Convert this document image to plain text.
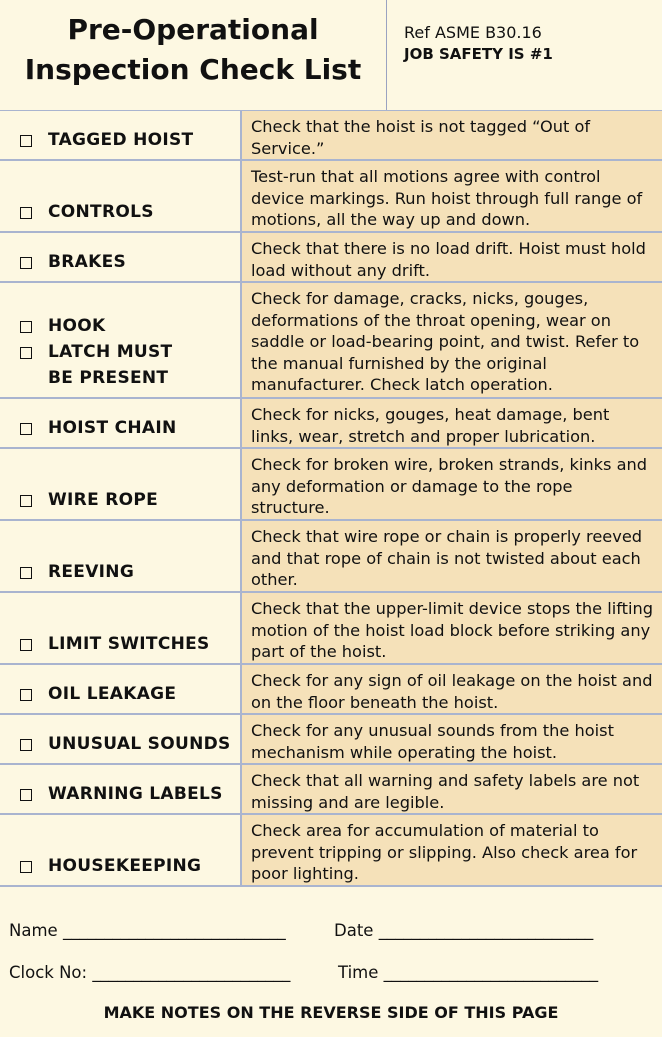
Pre-Operational
Inspection Check List
Ref ASME B30.16
JOB SAFETY IS #1
TAGGED HOIST
Check that the hoist is not tagged “Out of Service.”
CONTROLS
Test-run that all motions agree with control device markings. Run hoist through full range of motions, all the way up and down.
BRAKES
Check that there is no load drift. Hoist must hold load without any drift.
HOOK
LATCH MUST
BE PRESENT
Check for damage, cracks, nicks, gouges, deformations of the throat opening, wear on saddle or load-bearing point, and twist. Refer to the manual furnished by the original manufacturer. Check latch operation.
HOIST CHAIN
Check for nicks, gouges, heat damage, bent links, wear, stretch and proper lubrication.
WIRE ROPE
Check for broken wire, broken strands, kinks and any deformation or damage to the rope structure.
REEVING
Check that wire rope or chain is properly reeved and that rope of chain is not twisted about each other.
LIMIT SWITCHES
Check that the upper-limit device stops the lifting motion of the hoist load block before striking any part of the hoist.
OIL LEAKAGE
Check for any sign of oil leakage on the hoist and on the floor beneath the hoist.
UNUSUAL SOUNDS
Check for any unusual sounds from the hoist mechanism while operating the hoist.
WARNING LABELS
Check that all warning and safety labels are not missing and are legible.
HOUSEKEEPING
Check area for accumulation of material to prevent tripping or slipping. Also check area for poor lighting.
Name ___________________________	Date __________________________
Clock No: ________________________	Time __________________________
MAKE NOTES ON THE REVERSE SIDE OF THIS PAGE
